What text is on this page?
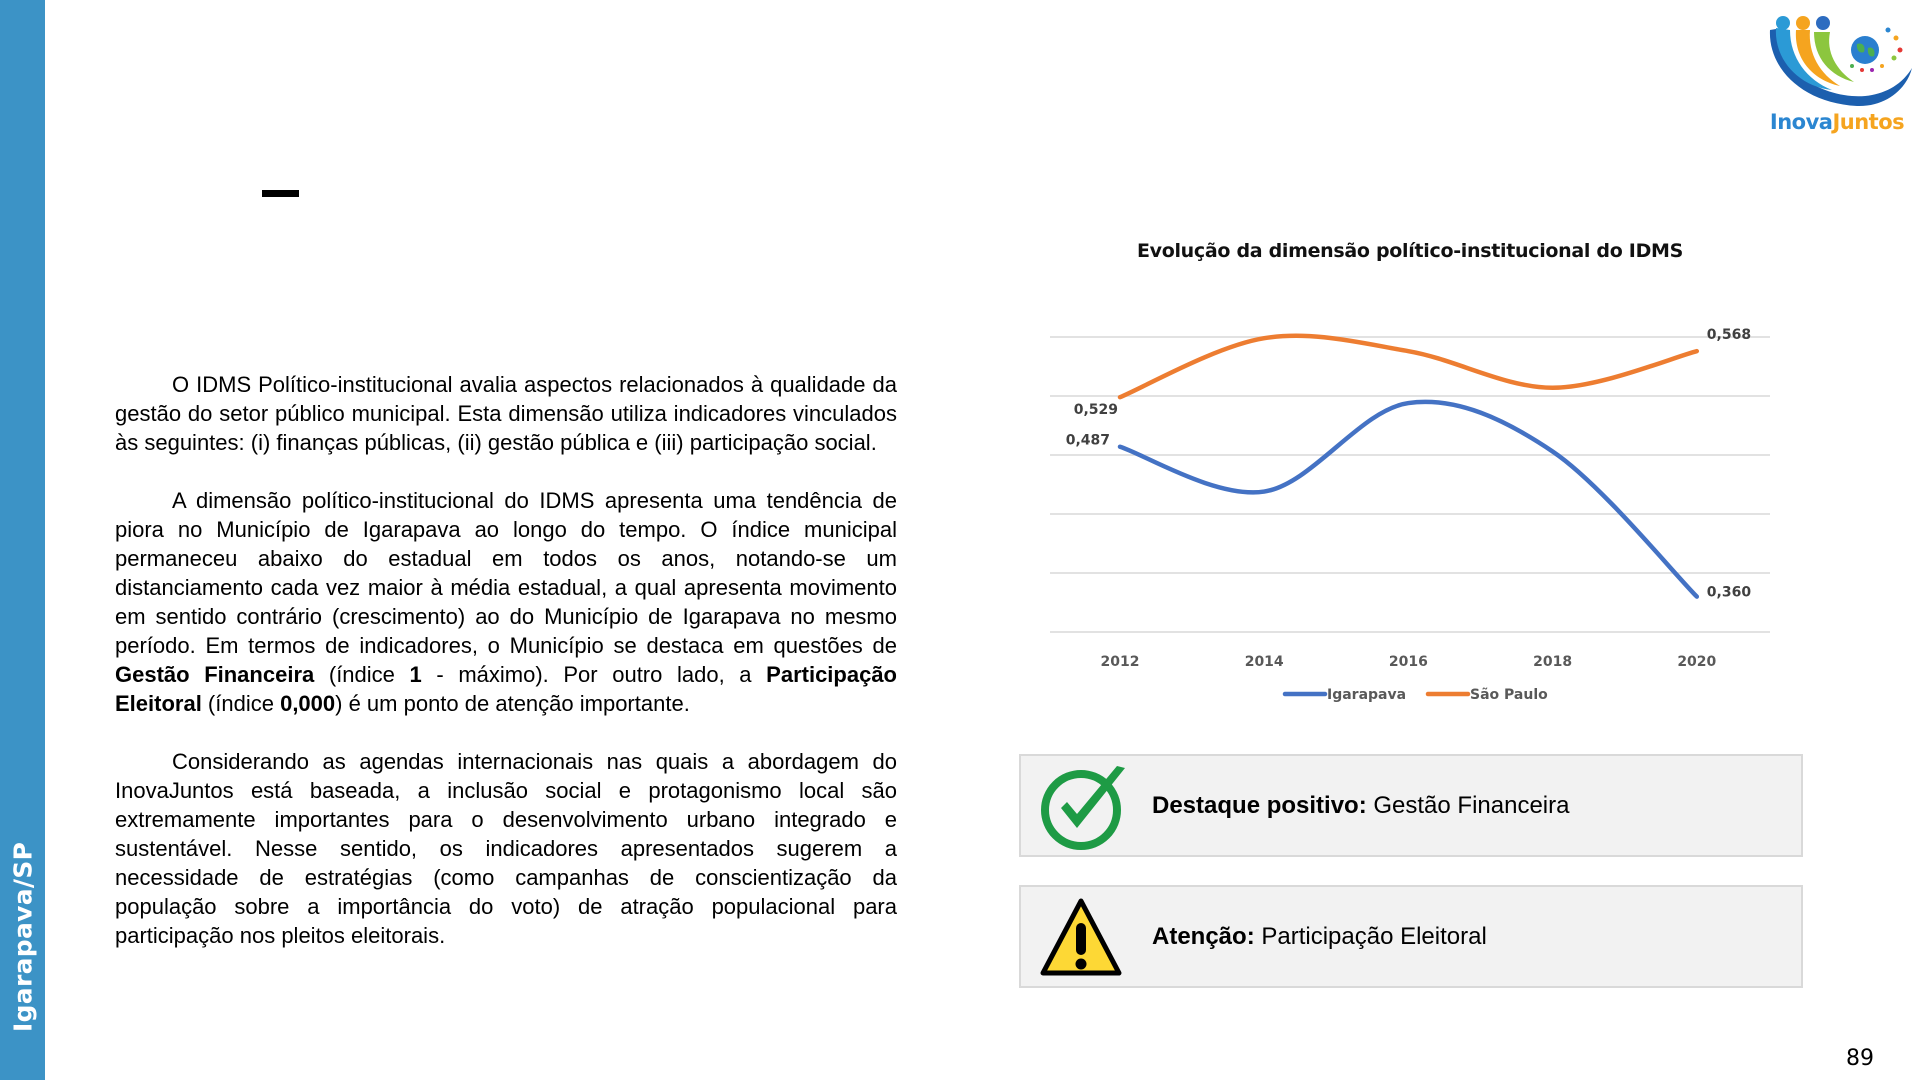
Igarapava/SP
InovaJuntos

O IDMS Político-institucional avalia aspectos relacionados à qualidade da gestão do setor público municipal. Esta dimensão utiliza indicadores vinculados às seguintes: (i) finanças públicas, (ii) gestão pública e (iii) participação social.

A dimensão político-institucional do IDMS apresenta uma tendência de piora no Município de Igarapava ao longo do tempo. O índice municipal permaneceu abaixo do estadual em todos os anos, notando-se um distanciamento cada vez maior à média estadual, a qual apresenta movimento em sentido contrário (crescimento) ao do Município de Igarapava no mesmo período. Em termos de indicadores, o Município se destaca em questões de Gestão Financeira (índice 1 - máximo). Por outro lado, a Participação Eleitoral (índice 0,000) é um ponto de atenção importante.

Considerando as agendas internacionais nas quais a abordagem do InovaJuntos está baseada, a inclusão social e protagonismo local são extremamente importantes para o desenvolvimento urbano integrado e sustentável. Nesse sentido, os indicadores apresentados sugerem a necessidade de estratégias (como campanhas de conscientização da população sobre a importância do voto) de atração populacional para participação nos pleitos eleitorais.

Evolução da dimensão político-institucional do IDMS
2012	2014	2016	2018	2020
0,487
0,360
0,529
0,568
Igarapava	São Paulo
Destaque positivo: Gestão Financeira
Atenção: Participação Eleitoral
89
